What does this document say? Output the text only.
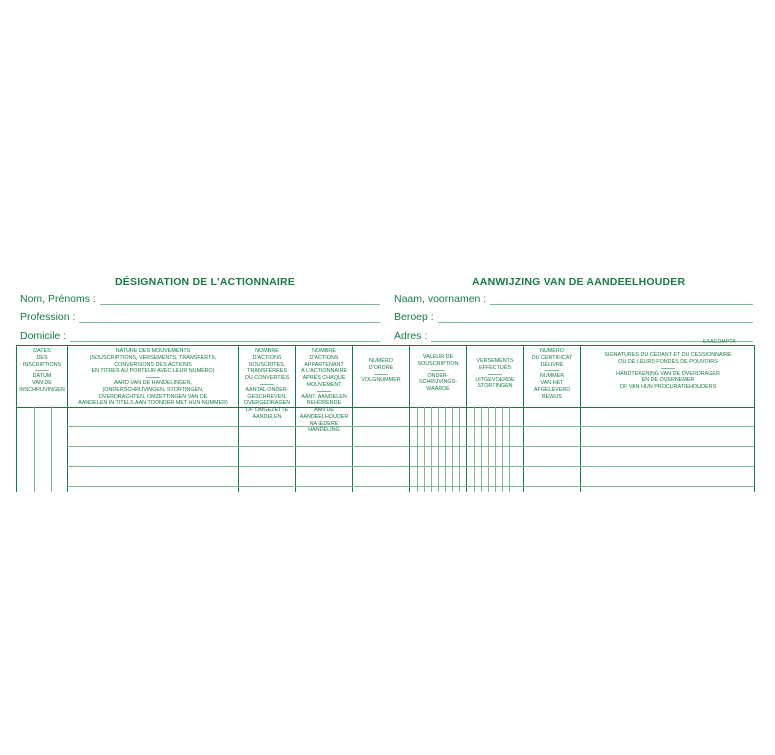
DÉSIGNATION DE L'ACTIONNAIRE	AANWIJZING VAN DE AANDEELHOUDER
Nom, Prénoms :
Profession :
Domicile :
Naam, voornamen :
Beroep :
Adres :	EXACOMPTA
DATES
DES
INSCRIPTIONS
DATUM
VAN DE
INSCHRIJVINGEN
NATURE DES MOUVEMENTS
(SOUSCRIPTIONS, VERSEMENTS, TRANSFERTS,
CONVERSIONS DES ACTIONS
EN TITRES AU PORTEUR AVEC LEUR NUMÉRO)
AARD VAN DE HANDELINGEN,
(ONDERSCHRIJVINGEN, STORTINGEN,
OVERDRACHTEN, OMZETTINGEN VAN DE
AANDELEN IN TITELS AAN TOONDER MET HUN NUMMER)
NOMBRE
D'ACTIONS
SOUSCRITES,
TRANSFÉRÉES
OU CONVERTIES
AANTAL ONDER-
GESCHREVEN,
OVERGEDRAGEN
OF OMGEZETTE
AANDELEN
NOMBRE
D'ACTIONS
APPARTENANT
À L'ACTIONNAIRE
APRÈS CHAQUE
MOUVEMENT
AANT. AANDELEN
BEHORENDE
AAN DE
AANDEELHOUDER
NA IEDERE
HANDELING
NUMÉRO
D'ORDRE
VOLGNUMMER
VALEUR DE
SOUSCRIPTION
ONDER-
SCHRIJVINGS-
WAARDE
VERSEMENTS
EFFECTUÉS
UITGEVOERDE
STORTINGEN
NUMÉRO
DU CERTIFICAT
DÉLIVRÉ
NUMMER
VAN HET
AFGELEVERD
BEWIJS
SIGNATURES DU CÉDANT ET DU CESSIONNAIRE
OU DE LEURS FONDÉS DE POUVOIRS
HANDTEKENING VAN DE OVERDRAGER
EN DE OVERNEMER
OF VAN HUN PROCURATIEHOUDERS
